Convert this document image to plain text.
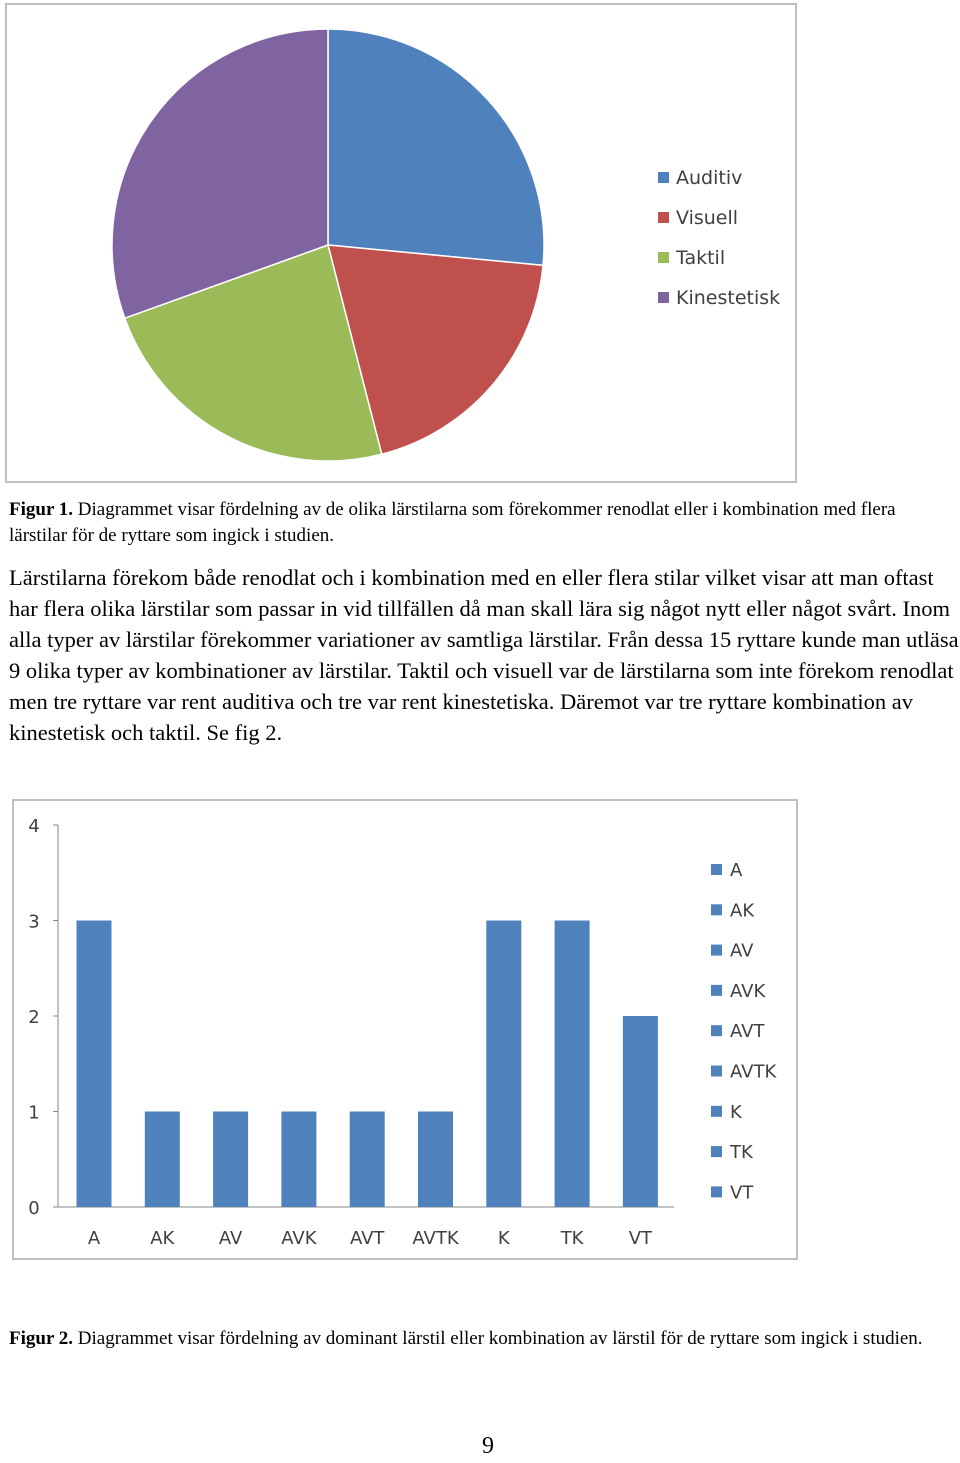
Auditiv
Visuell
Taktil
Kinestetisk
Figur 1. Diagrammet visar fördelning av de olika lärstilarna som förekommer renodlat eller i kombination med flera lärstilar för de ryttare som ingick i studien.
Lärstilarna förekom både renodlat och i kombination med en eller flera stilar vilket visar att man oftast har flera olika lärstilar som passar in vid tillfällen då man skall lära sig något nytt eller något svårt. Inom alla typer av lärstilar förekommer variationer av samtliga lärstilar. Från dessa 15 ryttare kunde man utläsa 9 olika typer av kombinationer av lärstilar. Taktil och visuell var de lärstilarna som inte förekom renodlat men tre ryttare var rent auditiva och tre var rent kinestetiska. Däremot var tre ryttare kombination av kinestetisk och taktil. Se fig 2.
A	AK AV AVK AVT AVTK K	TK	VT
0
1
2
3
4
A
AK
AV
AVK
AVT
AVTK
K
TK
VT
Figur 2. Diagrammet visar fördelning av dominant lärstil eller kombination av lärstil för de ryttare som ingick i studien.
9
